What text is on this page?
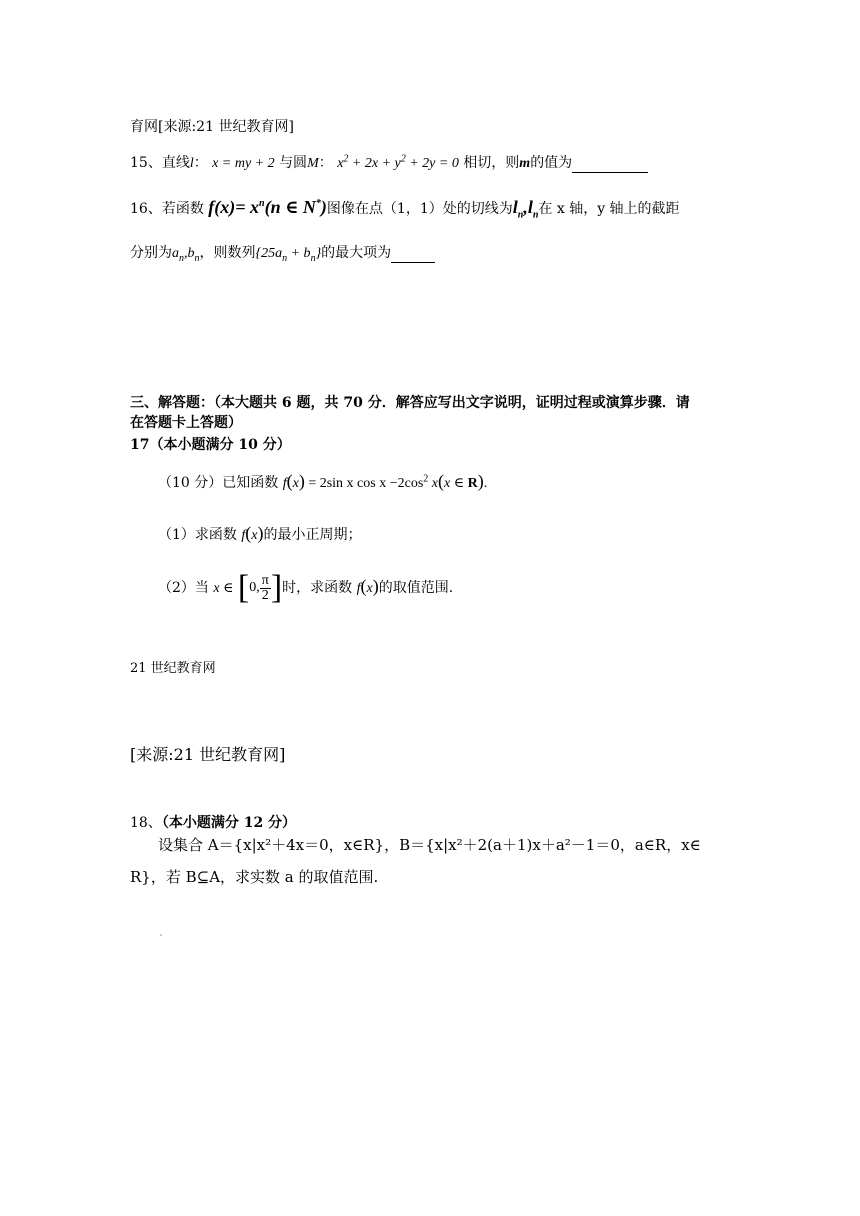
育网[来源:21 世纪教育网]
15、直线l： x = my + 2 与圆M： $x^2 + 2x + y^2 + 2y = 0$ 相切，则m的值为
16、若函数 $f(x)= x^n(n$ ∈ N*)图像在点（1，1）处的切线为$l_n,l_n$在 x 轴，y 轴上的截距
分别为$a_n,b_n$，则数列$\{25a_n + b_n\}$的最大项为
三、解答题：（本大题共 6 题，共 70 分．解答应写出文字说明，证明过程或演算步骤．请
在答题卡上答题）
17（本小题满分 10 分）
（10 分）已知函数 f(x) = 2sin x $\cos x -2\cos^2$ x(x ∈ R).
（1）求函数 f(x)的最小正周期；
（2）当 x ∈ [0, $\frac{\pi}{2}$ ]时，求函数 f(x)的取值范围.
21 世纪教育网
[来源:21 世纪教育网]
18、（本小题满分 12 分）
设集合 A＝{x|x²＋4x＝0，x∈R}，B＝{x|x²＋2(a＋1)x＋a²－1＝0，a∈R，x∈
R}，若 B⊆A，求实数 a 的取值范围.
